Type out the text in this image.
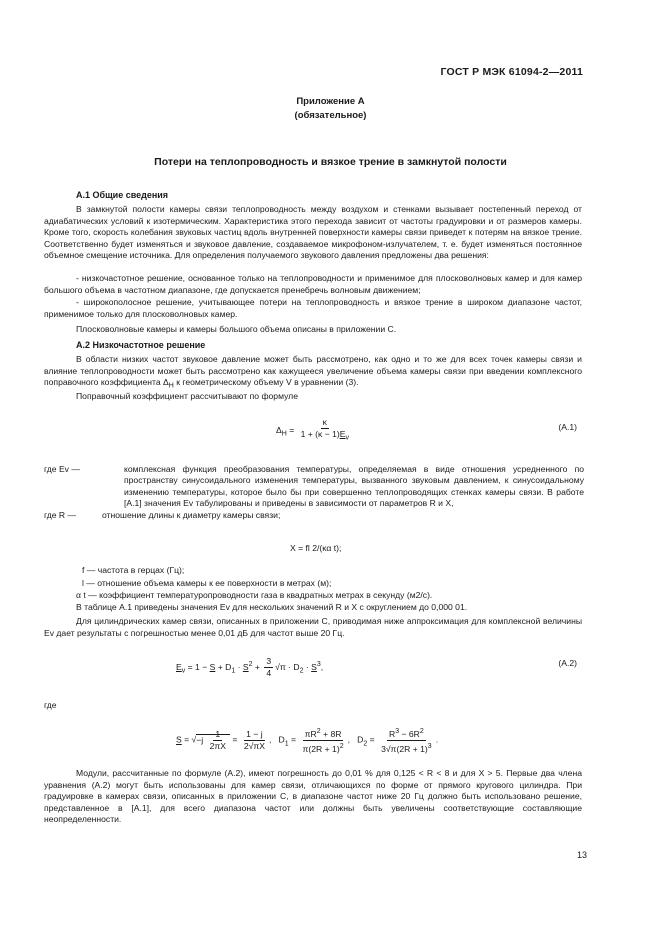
ГОСТ Р МЭК 61094-2—2011
Приложение А
(обязательное)
Потери на теплопроводность и вязкое трение в замкнутой полости
А.1 Общие сведения
В замкнутой полости камеры связи теплопроводность между воздухом и стенками вызывает постепенный переход от адиабатических условий к изотермическим. Характеристика этого перехода зависит от частоты градуировки и от размеров камеры. Кроме того, скорость колебания звуковых частиц вдоль внутренней поверхности камеры связи приведет к потерям на вязкое трение. Соответственно будет изменяться и звуковое давление, создаваемое микрофоном-излучателем, т. е. будет изменяться постоянное объемное смещение источника. Для определения получаемого звукового давления предложены два решения:
- низкочастотное решение, основанное только на теплопроводности и применимое для плосковолновых камер и для камер большого объема в частотном диапазоне, где допускается пренебречь волновым движением;
- широкополосное решение, учитывающее потери на теплопроводность и вязкое трение в широком диапазоне частот, применимое только для плосковолновых камер.
Плосковолновые камеры и камеры большого объема описаны в приложении С.
А.2 Низкочастотное решение
В области низких частот звуковое давление может быть рассмотрено, как одно и то же для всех точек камеры связи и влияние теплопроводности может быть рассмотрено как кажущееся увеличение объема камеры связи при введении комплексного поправочного коэффициента $\Delta_H$ к геометрическому объему V в уравнении (3).
Поправочный коэффициент рассчитывают по формуле
$\Delta_H = \frac{\kappa}{1 + (\kappa - 1)E_v}$	(А.1)
где Ev —	комплексная функция преобразования температуры, определяемая в виде отношения усредненного по пространству синусоидального изменения температуры, вызванного звуковым давлением, к синусоидальному изменению температуры, которое было бы при совершенно теплопроводящих стенках камеры связи. В работе [А.1] значения Ev табулированы и приведены в зависимости от параметров R и X,
где R —	отношение длины к диаметру камеры связи;
X = fl 2/(κα t);
f — частота в герцах (Гц);
l — отношение объема камеры к ее поверхности в метрах (м);
α t — коэффициент температуропроводности газа в квадратных метрах в секунду (м2/с).
В таблице А.1 приведены значения Ev для нескольких значений R и X с округлением до 0,000 01.
Для цилиндрических камер связи, описанных в приложении С, приводимая ниже аппроксимация для комплексной величины Ev дает результаты с погрешностью менее 0,01 дБ для частот выше 20 Гц.
$E_v = 1 - S + D_1 \cdot S^2 + \frac{3}{4} √\pi \cdot D_2 \cdot S^3$,	(А.2)
где
$S = √-j \frac{1}{2\pi X} = \frac{1 - j}{2√\pi X}$ ,   $D_1 = \frac{\pi R^2 + 8R}{\pi(2R + 1)^2}$ ,   $D_2 = \frac{R^3 - 6R^2}{3√\pi(2R + 1)^3}$ .
Модули, рассчитанные по формуле (А.2), имеют погрешность до 0,01 % для 0,125 < R < 8 и для X > 5. Первые два члена уравнения (А.2) могут быть использованы для камер связи, отличающихся по форме от прямого кругового цилиндра. При градуировке в камерах связи, описанных в приложении С, в диапазоне частот ниже 20 Гц должно быть использовано решение, представленное в [А.1], для всего диапазона частот или должны быть увеличены соответствующие составляющие неопределенности.
13
